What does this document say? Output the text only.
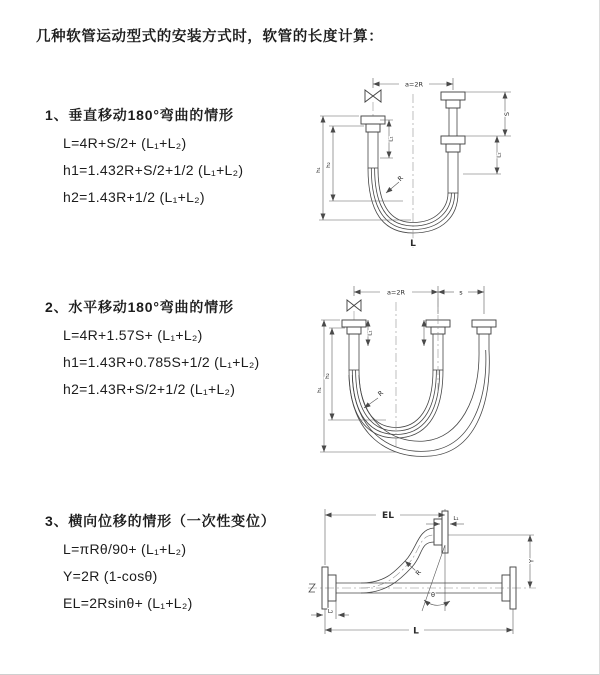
几种软管运动型式的安装方式时，软管的长度计算：
1、垂直移动180°弯曲的情形
L=4R+S/2+ (L₁+L₂)
h1=1.432R+S/2+1/2 (L₁+L₂)
h2=1.43R+1/2 (L₁+L₂)
2、水平移动180°弯曲的情形
L=4R+1.57S+ (L₁+L₂)
h1=1.43R+0.785S+1/2 (L₁+L₂)
h2=1.43R+S/2+1/2 (L₁+L₂)
3、横向位移的情形（一次性变位）
L=πRθ/90+ (L₁+L₂)
Y=2R (1-cosθ)
EL=2Rsinθ+ (L₁+L₂)
a=2R
R
L
h₁
h₂
L₁
S
L₂
a=2R	s
R
h₁
h₂
L₁
EL	L₁
Y
L
L₂
R
θ
